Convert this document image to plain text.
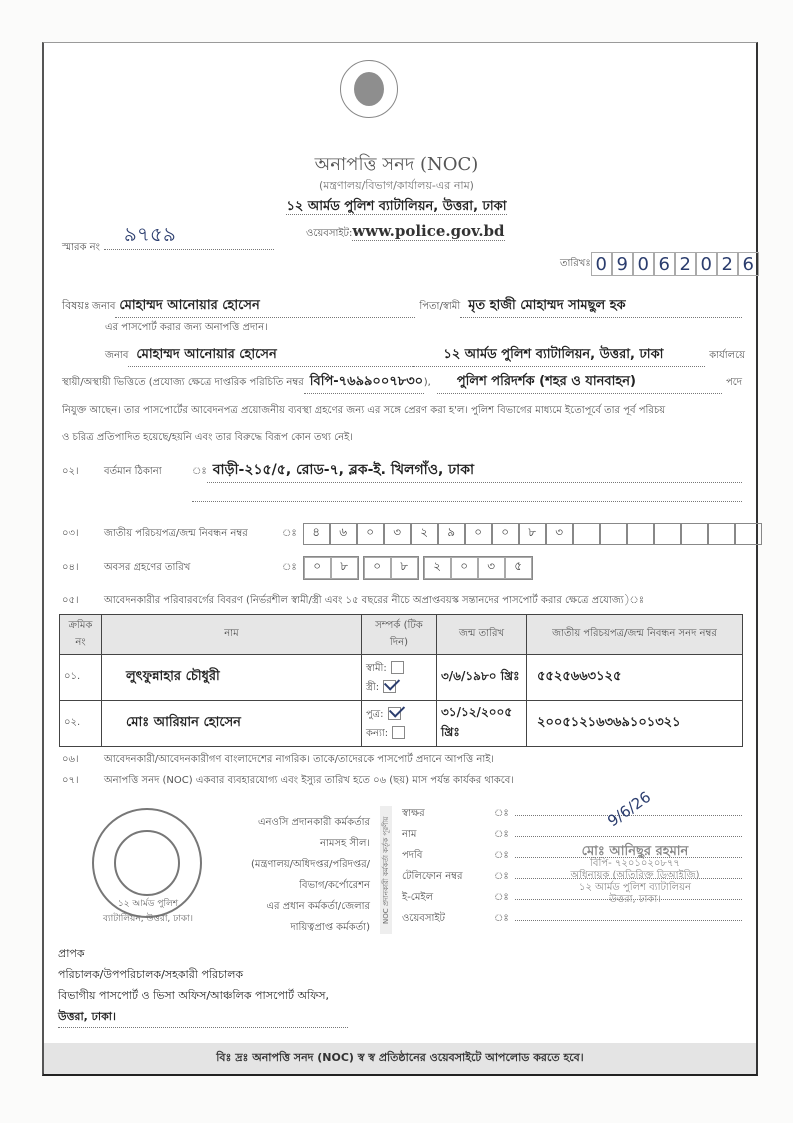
অনাপত্তি সনদ (NOC)
(মন্ত্রণালয়/বিভাগ/কার্যালয়-এর নাম)
১২ আর্মড পুলিশ ব্যাটালিয়ন, উত্তরা, ঢাকা
ওয়েবসাইট: www.police.gov.bd
স্মারক নং
৯৭৫৯
তারিখঃ 0 9 0 6 2 0 2 6
বিষয়ঃ জনাব মোহাম্মদ আনোয়ার হোসেন	পিতা/স্বামী মৃত হাজী মোহাম্মদ সামছুল হক
এর পাসপোর্ট করার জন্য অনাপত্তি প্রদান।
জনাব মোহাম্মদ আনোয়ার হোসেন	১২ আর্মড পুলিশ ব্যাটালিয়ন, উত্তরা, ঢাকা	কার্যালয়ে
স্থায়ী/অস্থায়ী ভিত্তিতে (প্রযোজ্য ক্ষেত্রে দাপ্তরিক পরিচিতি নম্বর বিপি-৭৬৯৯০০৭৮৩০ ),	পুলিশ পরিদর্শক (শহর ও যানবাহন)	পদে
নিযুক্ত আছেন। তার পাসপোর্টের আবেদনপত্র প্রয়োজনীয় ব্যবস্থা গ্রহণের জন্য এর সঙ্গে প্রেরণ করা হ'ল। পুলিশ বিভাগের মাধ্যমে ইতোপূর্বে তার পূর্ব পরিচয়
ও চরিত্র প্রতিপাদিত হয়েছে/হয়নি এবং তার বিরুদ্ধে বিরূপ কোন তথ্য নেই।
০২।	বর্তমান ঠিকানা	ঃ বাড়ী-২১৫/৫, রোড-৭, ব্লক-ই. খিলগাঁও, ঢাকা
০৩।	জাতীয় পরিচয়পত্র/জন্ম নিবন্ধন নম্বর	ঃ	৪	৬	০	৩	২	৯	০	০	৮	৩
০৪।	অবসর গ্রহণের তারিখ	ঃ	০	৮	০	৮	২	০	৩	৫
০৫।	আবেদনকারীর পরিবারবর্গের বিবরণ (নির্ভরশীল স্বামী/স্ত্রী এবং ১৫ বছরের নীচে অপ্রাপ্তবয়স্ক সন্তানদের পাসপোর্ট করার ক্ষেত্রে প্রযোজ্য)ঃ
ক্রমিক নং	নাম	সম্পর্ক (টিক দিন)	জন্ম তারিখ	জাতীয় পরিচয়পত্র/জন্ম নিবন্ধন সনদ নম্বর
০১.	লুৎফুন্নাহার চৌধুরী	স্বামী:
স্ত্রী:	৩/৬/১৯৮০ খ্রিঃ	৫৫২৫৬৬৩১২৫
০২.	মোঃ আরিয়ান হোসেন	পুত্র:
কন্যা:	৩১/১২/২০০৫ খ্রিঃ	২০০৫১২১৬৩৬৯১০১৩২১
০৬।	আবেদনকারী/আবেদনকারীগণ বাংলাদেশের নাগরিক। তাকে/তাদেরকে পাসপোর্ট প্রদানে আপত্তি নাই।
০৭।	অনাপত্তি সনদ (NOC) একবার ব্যবহারযোগ্য এবং ইস্যুর তারিখ হতে ০৬ (ছয়) মাস পর্যন্ত কার্যকর থাকবে।
১২ আর্মড পুলিশ ব্যাটালিয়ন, উত্তরা, ঢাকা।
এনওসি প্রদানকারী কর্মকর্তার
নামসহ সীল।
(মন্ত্রণালয়/অধিদপ্তর/পরিদপ্তর/
বিভাগ/কর্পোরেশন
এর প্রধান কর্মকর্তা/জেলার
দায়িত্বপ্রাপ্ত কর্মকর্তা)
NOC প্রদানকারী কর্মকর্তা কর্তৃক পূরণীয়
স্বাক্ষর	ঃ
নাম	ঃ
পদবি	ঃ
টেলিফোন নম্বর	ঃ
ই-মেইল	ঃ
ওয়েবসাইট	ঃ
9/6/26
মোঃ আনিছুর রহমান
বিপি- ৭২০১০২০৮৭৭
অধিনায়ক (অতিরিক্ত ডিআইজি)
১২ আর্মড পুলিশ ব্যাটালিয়ন
উত্তরা, ঢাকা।
প্রাপক
পরিচালক/উপপরিচালক/সহকারী পরিচালক
বিভাগীয় পাসপোর্ট ও ভিসা অফিস/আঞ্চলিক পাসপোর্ট অফিস,
উত্তরা, ঢাকা।
বিঃ দ্রঃ অনাপত্তি সনদ (NOC) স্ব স্ব প্রতিষ্ঠানের ওয়েবসাইটে আপলোড করতে হবে।
